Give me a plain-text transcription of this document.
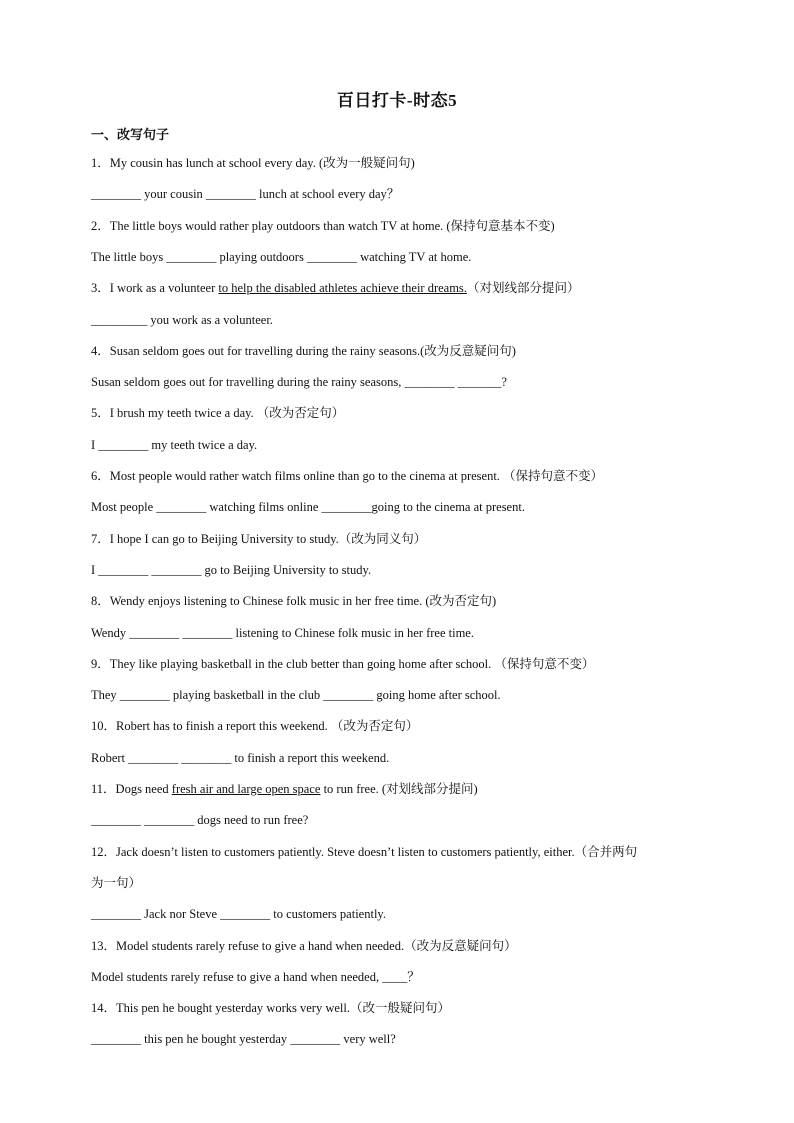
百日打卡-时态5
一、改写句子
1．My cousin has lunch at school every day. (改为一般疑问句)
________ your cousin ________ lunch at school every day？
2．The little boys would rather play outdoors than watch TV at home. (保持句意基本不变)
The little boys ________ playing outdoors ________ watching TV at home.
3．I work as a volunteer to help the disabled athletes achieve their dreams.（对划线部分提问）
_________ you work as a volunteer.
4．Susan seldom goes out for travelling during the rainy seasons.(改为反意疑问句)
Susan seldom goes out for travelling during the rainy seasons, ________ _______?
5．I brush my teeth twice a day. （改为否定句）
I ________ my teeth twice a day.
6．Most people would rather watch films online than go to the cinema at present. （保持句意不变）
Most people ________ watching films online ________going to the cinema at present.
7．I hope I can go to Beijing University to study.（改为同义句）
I ________ ________ go to Beijing University to study.
8．Wendy enjoys listening to Chinese folk music in her free time. (改为否定句)
Wendy ________ ________ listening to Chinese folk music in her free time.
9．They like playing basketball in the club better than going home after school. （保持句意不变）
They ________ playing basketball in the club ________ going home after school.
10．Robert has to finish a report this weekend. （改为否定句）
Robert ________ ________ to finish a report this weekend.
11．Dogs need fresh air and large open space to run free. (对划线部分提问)
________ ________ dogs need to run free?
12．Jack doesn’t listen to customers patiently. Steve doesn’t listen to customers patiently, either.（合并两句
为一句）
________ Jack nor Steve ________ to customers patiently.
13．Model students rarely refuse to give a hand when needed.（改为反意疑问句）
Model students rarely refuse to give a hand when needed, ____？
14．This pen he bought yesterday works very well.（改一般疑问句）
________ this pen he bought yesterday ________ very well?
